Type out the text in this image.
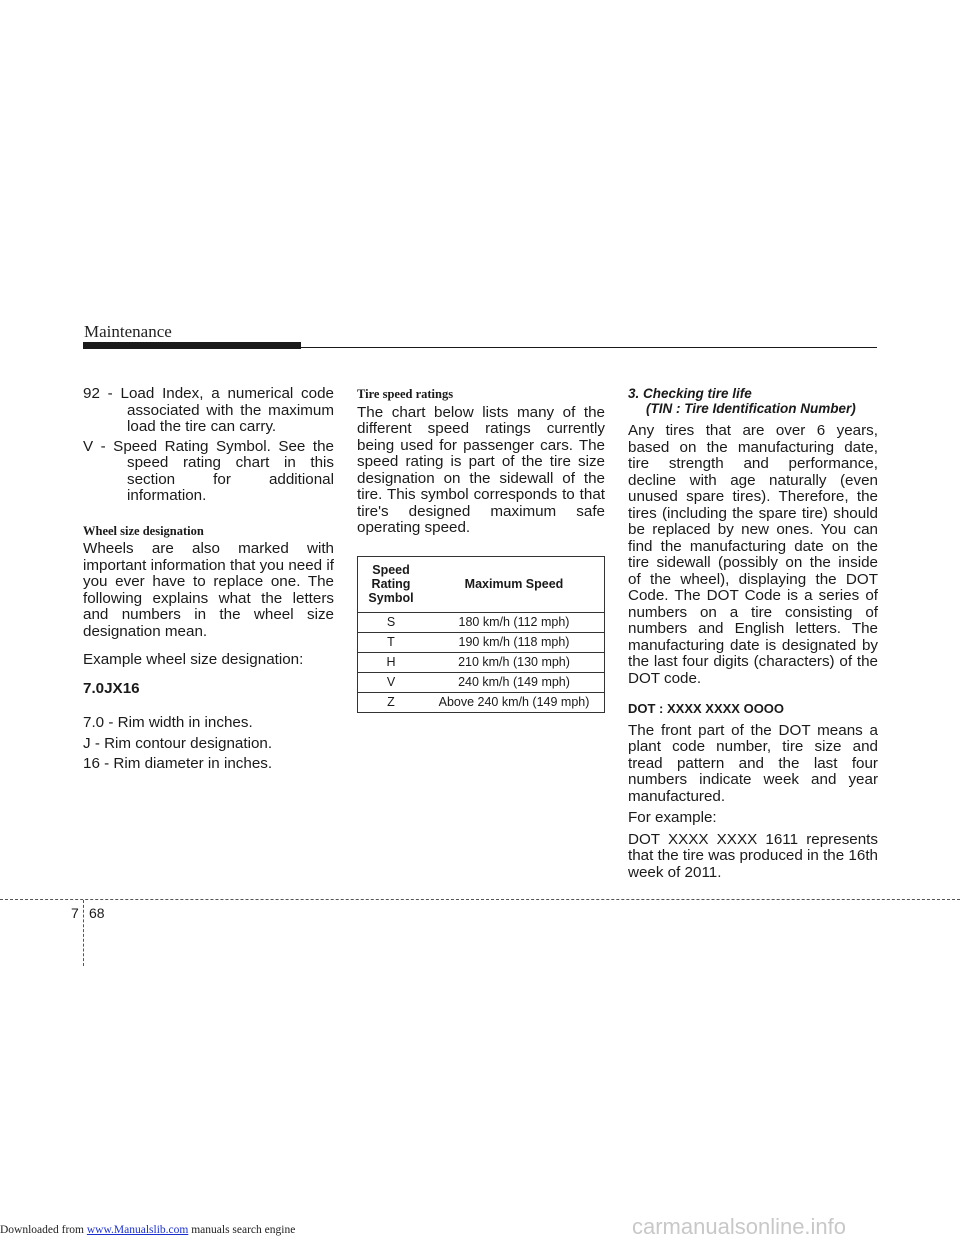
Maintenance

92 - Load Index, a numerical code associated with the maximum load the tire can carry.

V - Speed Rating Symbol. See the speed rating chart in this section for additional information.

Wheel size designation

Wheels are also marked with important information that you need if you ever have to replace one. The following explains what the letters and numbers in the wheel size designation mean.

Example wheel size designation:

7.0JX16

7.0 - Rim width in inches.

J - Rim contour designation.

16 - Rim diameter in inches.

Tire speed ratings

The chart below lists many of the different speed ratings currently being used for passenger cars. The speed rating is part of the tire size designation on the sidewall of the tire. This symbol corresponds to that tire's designed maximum safe operating speed.

Speed Rating Symbol	Maximum Speed
S	180 km/h (112 mph)
T	190 km/h (118 mph)
H	210 km/h (130 mph)
V	240 km/h (149 mph)
Z	Above 240 km/h (149 mph)
3. Checking tire life
(TIN : Tire Identification Number)

Any tires that are over 6 years, based on the manufacturing date, tire strength and performance, decline with age naturally (even unused spare tires). Therefore, the tires (including the spare tire) should be replaced by new ones. You can find the manufacturing date on the tire sidewall (possibly on the inside of the wheel), displaying the DOT Code. The DOT Code is a series of numbers on a tire consisting of numbers and English letters. The manufacturing date is designated by the last four digits (characters) of the DOT code.

DOT : XXXX XXXX OOOO

The front part of the DOT means a plant code number, tire size and tread pattern and the last four numbers indicate week and year manufactured.

For example:

DOT XXXX XXXX 1611 represents that the tire was produced in the 16th week of 2011.

7 68
Downloaded from www.Manualslib.com manuals search engine	carmanualsonline.info
